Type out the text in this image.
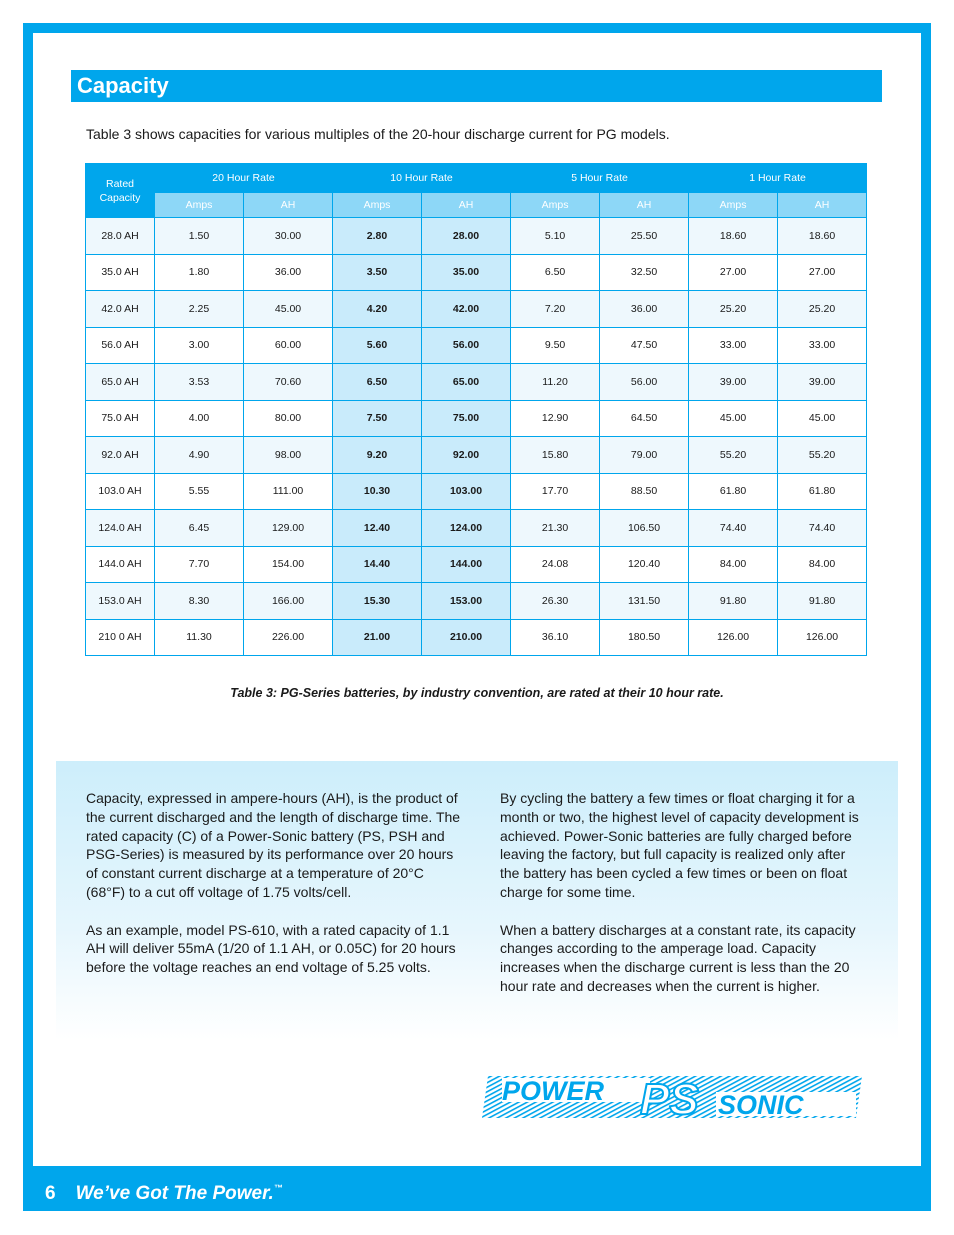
Capacity
Table 3 shows capacities for various multiples of the 20-hour discharge current for PG models.
Rated
Capacity	20 Hour Rate		10 Hour Rate		5 Hour Rate		1 Hour Rate	
	Amps	AH	Amps	AH	Amps	AH	Amps	AH
28.0 AH	1.50	30.00	2.80	28.00	5.10	25.50	18.60	18.60
35.0 AH	1.80	36.00	3.50	35.00	6.50	32.50	27.00	27.00
42.0 AH	2.25	45.00	4.20	42.00	7.20	36.00	25.20	25.20
56.0 AH	3.00	60.00	5.60	56.00	9.50	47.50	33.00	33.00
65.0 AH	3.53	70.60	6.50	65.00	11.20	56.00	39.00	39.00
75.0 AH	4.00	80.00	7.50	75.00	12.90	64.50	45.00	45.00
92.0 AH	4.90	98.00	9.20	92.00	15.80	79.00	55.20	55.20
103.0 AH	5.55	111.00	10.30	103.00	17.70	88.50	61.80	61.80
124.0 AH	6.45	129.00	12.40	124.00	21.30	106.50	74.40	74.40
144.0 AH	7.70	154.00	14.40	144.00	24.08	120.40	84.00	84.00
153.0 AH	8.30	166.00	15.30	153.00	26.30	131.50	91.80	91.80
210 0 AH	11.30	226.00	21.00	210.00	36.10	180.50	126.00	126.00
Table 3: PG-Series batteries, by industry convention, are rated at their 10 hour rate.

Capacity, expressed in ampere-hours (AH), is the product of the current discharged and the length of discharge time. The rated capacity (C) of a Power-Sonic battery (PS, PSH and PSG-Series) is measured by its performance over 20 hours of constant current discharge at a temperature of 20°C (68°F) to a cut off voltage of 1.75 volts/cell.

As an example, model PS-610, with a rated capacity of 1.1 AH will deliver 55mA (1/20 of 1.1 AH, or 0.05C) for 20 hours before the voltage reaches an end voltage of 5.25 volts.

By cycling the battery a few times or float charging it for a month or two, the highest level of capacity development is achieved. Power-Sonic batteries are fully charged before leaving the factory, but full capacity is realized only after the battery has been cycled a few times or been on float charge for some time.

When a battery discharges at a constant rate, its capacity changes according to the amperage load. Capacity increases when the discharge current is less than the 20 hour rate and decreases when the current is higher.

POWER PS SONIC
6 We’ve Got The Power.™
